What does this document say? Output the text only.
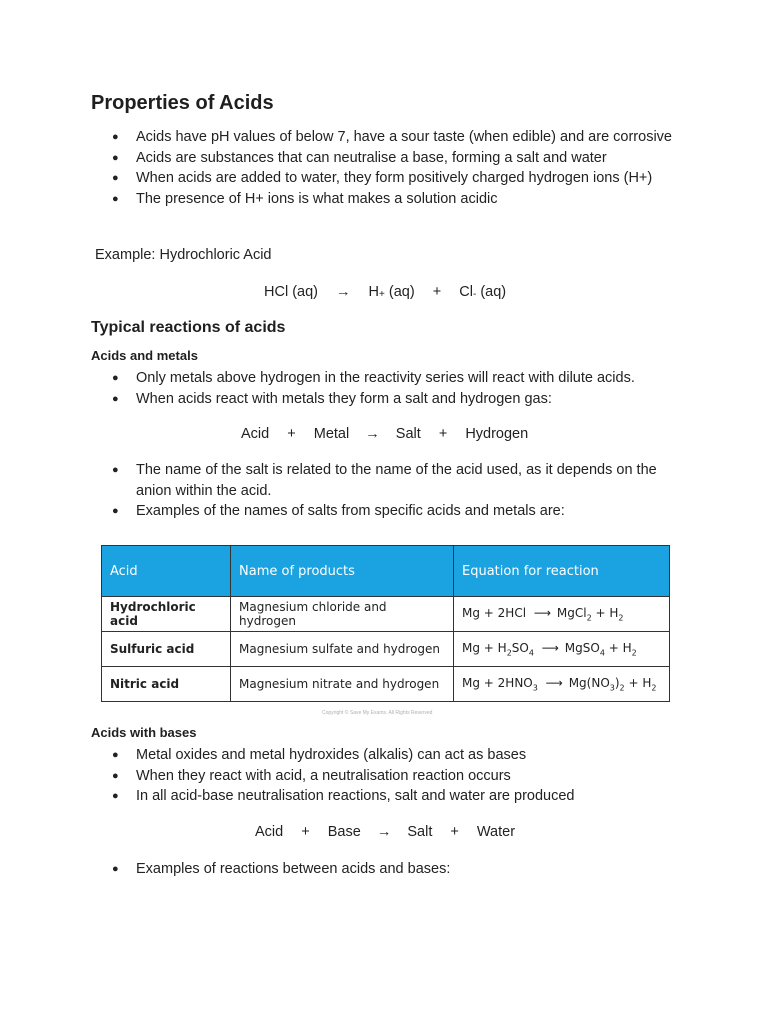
Properties of Acids
● Acids have pH values of below 7, have a sour taste (when edible) and are corrosive
● Acids are substances that can neutralise a base, forming a salt and water
● When acids are added to water, they form positively charged hydrogen ions (H+)
● The presence of H+ ions is what makes a solution acidic
Example: Hydrochloric Acid
HCl (aq) → H+ (aq) + Cl- (aq)
Typical reactions of acids
Acids and metals
● Only metals above hydrogen in the reactivity series will react with dilute acids.
● When acids react with metals they form a salt and hydrogen gas:
Acid + Metal → Salt + Hydrogen
● The name of the salt is related to the name of the acid used, as it depends on the anion within the acid.
● Examples of the names of salts from specific acids and metals are:
Acid	Name of products	Equation for reaction
Hydrochloric acid	Magnesium chloride and hydrogen	Mg + 2HCl ⟶ MgCl$_2$ + $H_2$
Sulfuric acid	Magnesium sulfate and hydrogen	$Mg + H_2SO_4$ ⟶ MgSO$_4$ + $H_2$
Nitric acid	Magnesium nitrate and hydrogen	$Mg + 2HNO_3$ ⟶ $Mg(NO_3)_2 + H_2$
Copyright © Save My Exams. All Rights Reserved
Acids with bases
● Metal oxides and metal hydroxides (alkalis) can act as bases
● When they react with acid, a neutralisation reaction occurs
● In all acid-base neutralisation reactions, salt and water are produced
Acid + Base → Salt + Water
● Examples of reactions between acids and bases:
